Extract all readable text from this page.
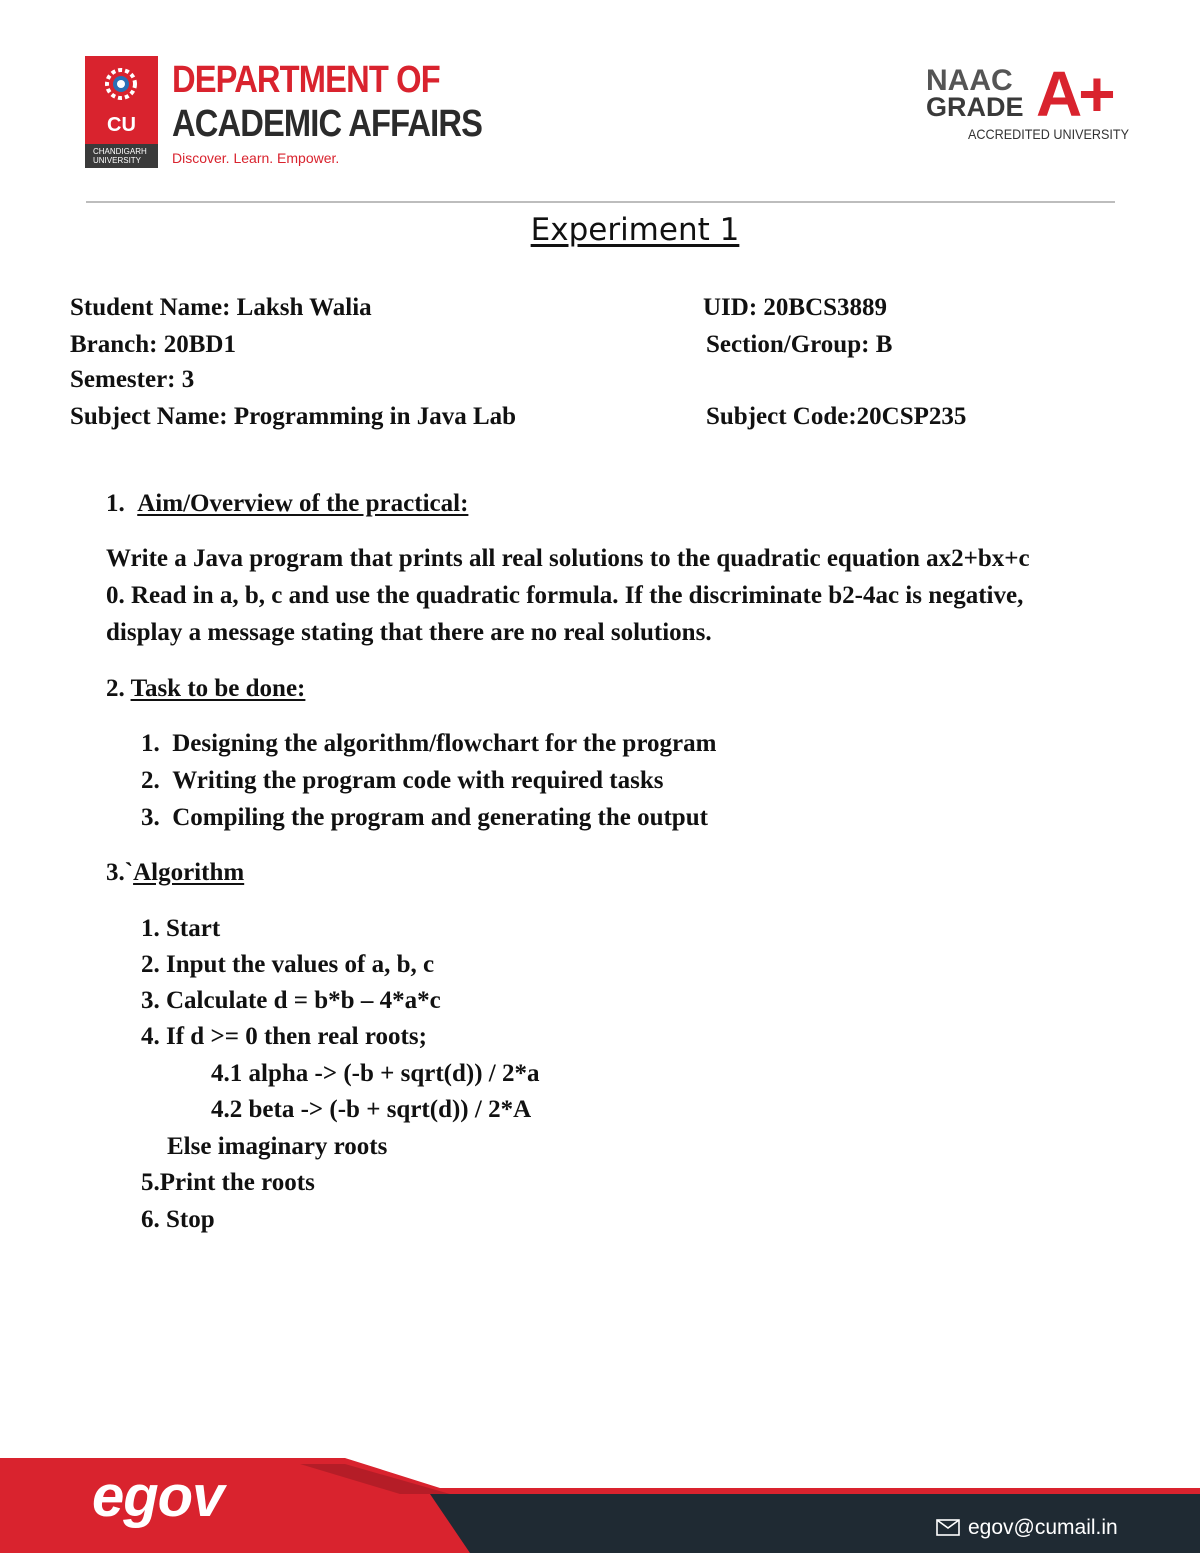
CU
CHANDIGARH UNIVERSITY
DEPARTMENT OF
ACADEMIC AFFAIRS
Discover. Learn. Empower.
NAAC
GRADE A+
ACCREDITED UNIVERSITY
Experiment 1
Student Name: Laksh Walia	UID: 20BCS3889
Branch: 20BD1	Section/Group: B
Semester: 3
Subject Name: Programming in Java Lab	Subject Code:20CSP235
1. Aim/Overview of the practical:
Write a Java program that prints all real solutions to the quadratic equation ax2+bx+c
0. Read in a, b, c and use the quadratic formula. If the discriminate b2-4ac is negative,
display a message stating that there are no real solutions.
2. Task to be done:
1.  Designing the algorithm/flowchart for the program
2.  Writing the program code with required tasks
3.  Compiling the program and generating the output
3.`Algorithm
1. Start
2. Input the values of a, b, c
3. Calculate d = b*b – 4*a*c
4. If d >= 0 then real roots;
4.1 alpha -> (-b + sqrt(d)) / 2*a
4.2 beta -> (-b + sqrt(d)) / 2*A
Else imaginary roots
5.Print the roots
6. Stop
egov	egov@cumail.in
